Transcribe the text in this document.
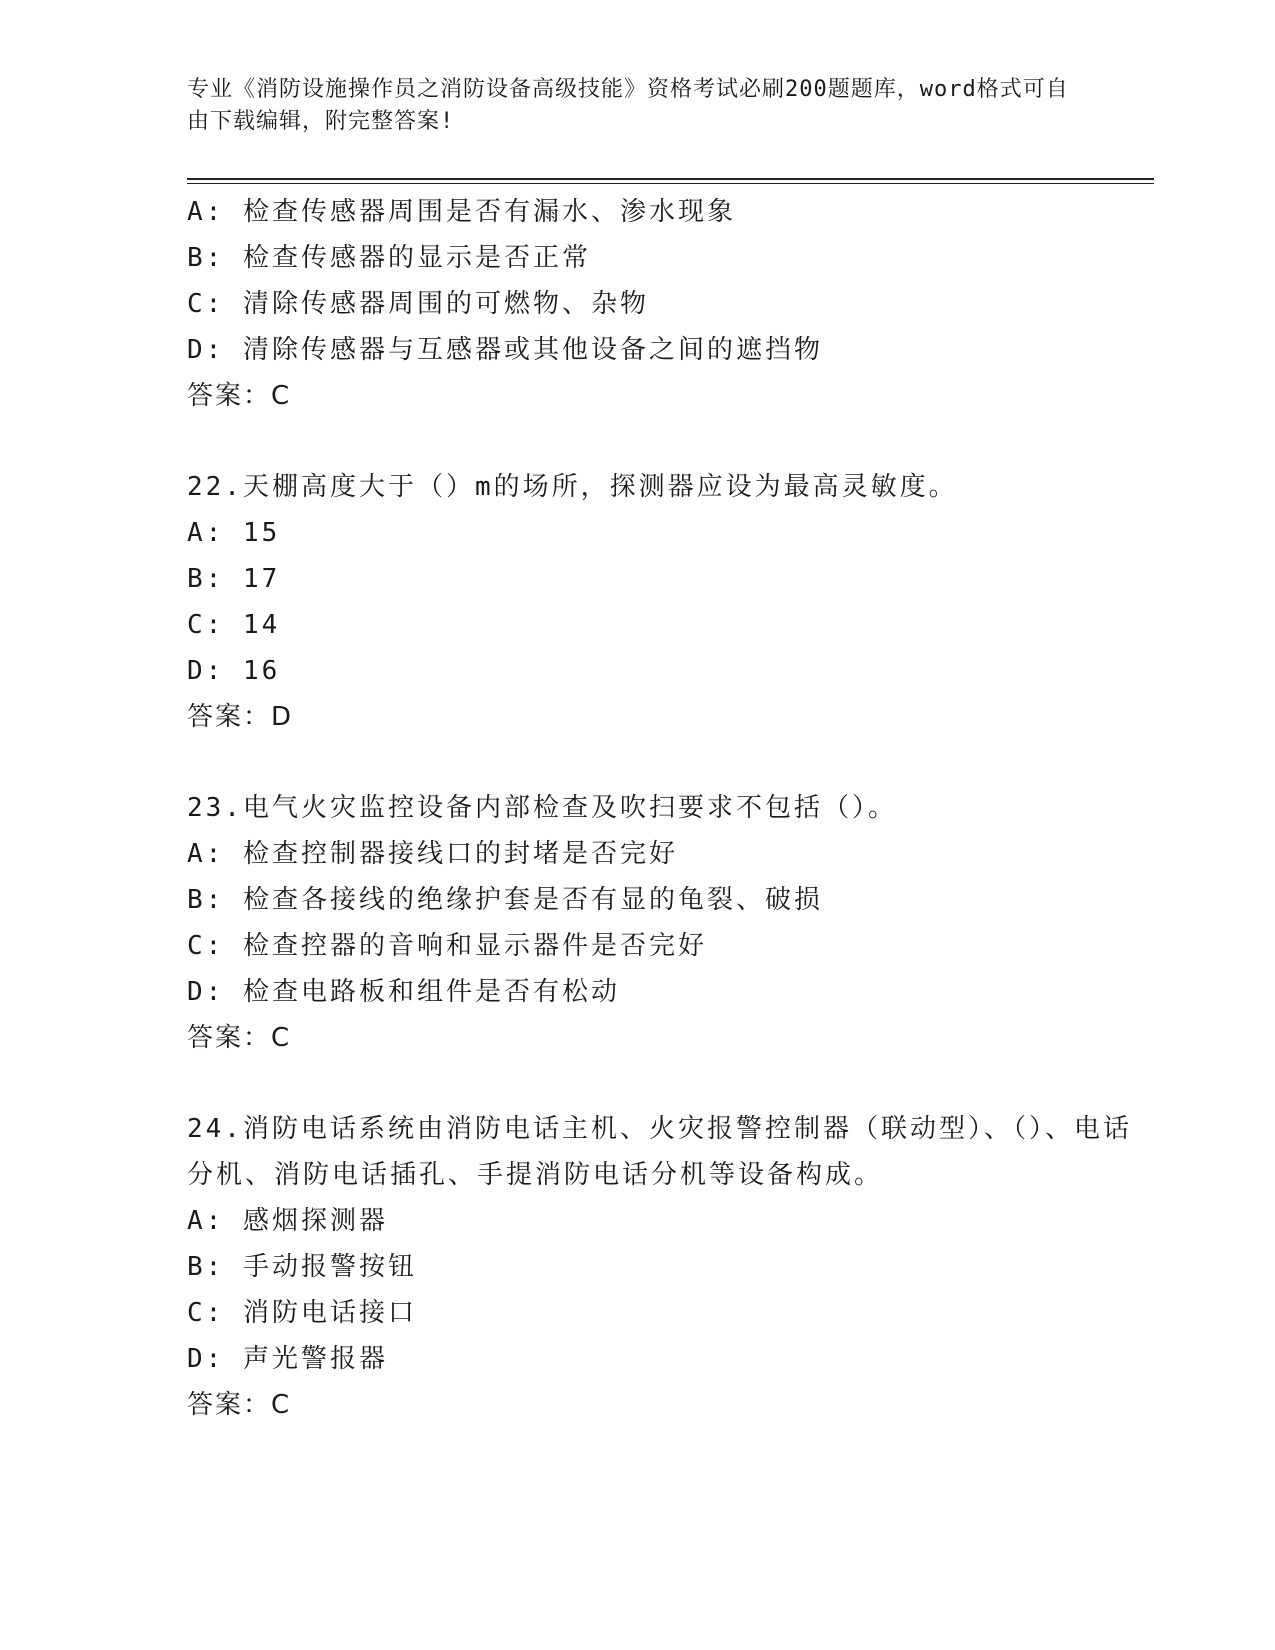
专业《消防设施操作员之消防设备高级技能》资格考试必刷200题题库，word格式可自由下载编辑，附完整答案!
A: 检查传感器周围是否有漏水、渗水现象
B: 检查传感器的显示是否正常
C: 清除传感器周围的可燃物、杂物
D: 清除传感器与互感器或其他设备之间的遮挡物
答案：C
22.天棚高度大于（）m的场所，探测器应设为最高灵敏度。
A: 15
B: 17
C: 14
D: 16
答案：D
23.电气火灾监控设备内部检查及吹扫要求不包括（）。
A: 检查控制器接线口的封堵是否完好
B: 检查各接线的绝缘护套是否有显的龟裂、破损
C: 检查控器的音响和显示器件是否完好
D: 检查电路板和组件是否有松动
答案：C
24.消防电话系统由消防电话主机、火灾报警控制器（联动型）、（）、电话分机、消防电话插孔、手提消防电话分机等设备构成。
A: 感烟探测器
B: 手动报警按钮
C: 消防电话接口
D: 声光警报器
答案：C
